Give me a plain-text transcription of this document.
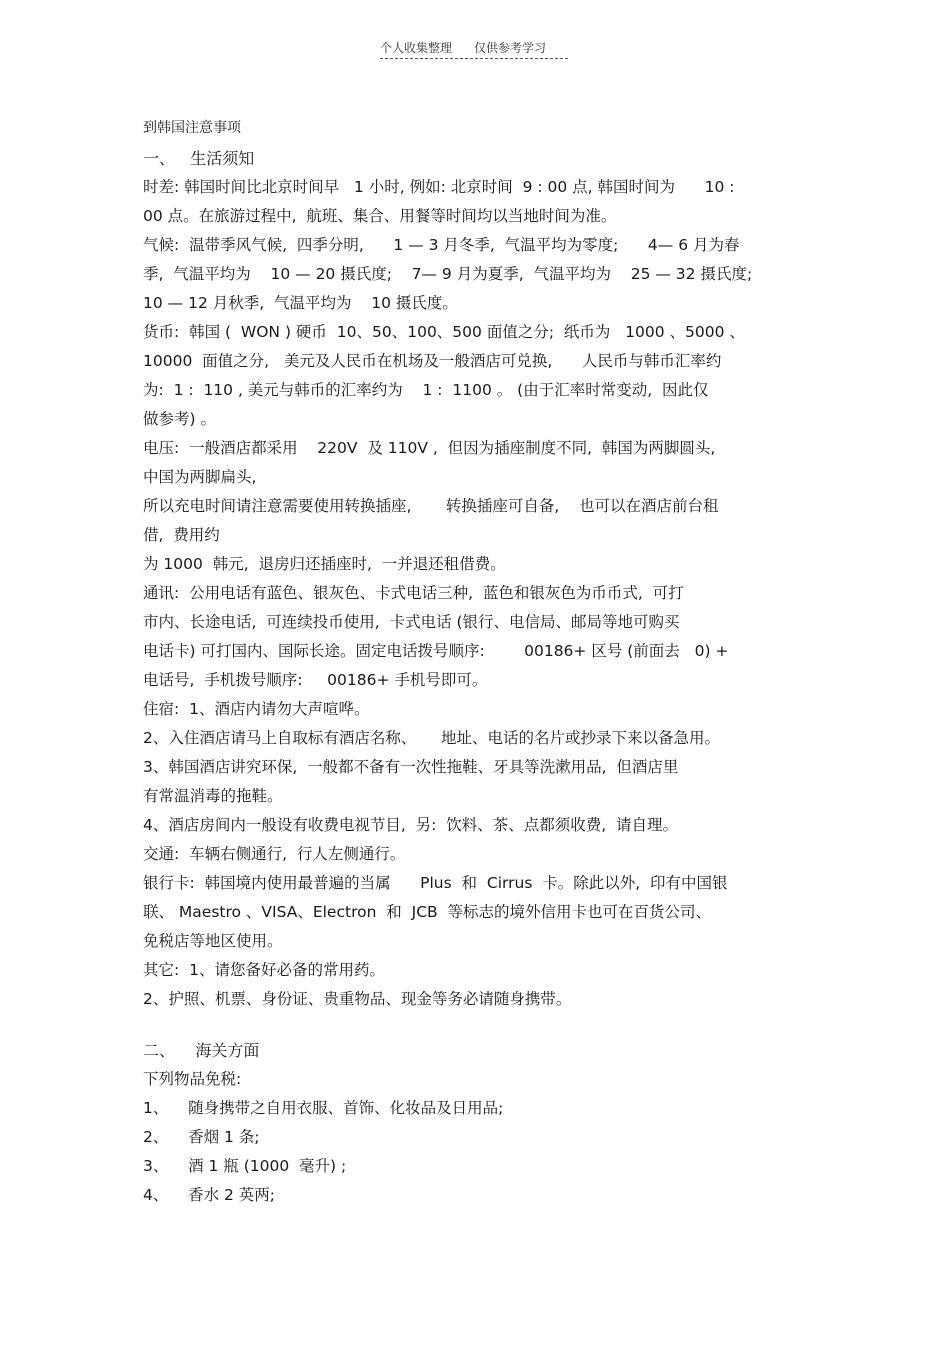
个人收集整理 仅供参考学习
到韩国注意事项
一、   生活须知
时差: 韩国时间比北京时间早   1 小时, 例如: 北京时间  9 : 00 点, 韩国时间为      10 :
00 点。在旅游过程中,  航班、集合、用餐等时间均以当地时间为准。
气候:  温带季风气候,  四季分明,      1 — 3 月冬季,  气温平均为零度;      4— 6 月为春
季,  气温平均为    10 — 20 摄氏度;    7— 9 月为夏季,  气温平均为    25 — 32 摄氏度;
10 — 12 月秋季,  气温平均为    10 摄氏度。
货币:  韩国 (  WON ) 硬币  10、50、100、500 面值之分;  纸币为   1000 、5000 、
10000  面值之分,   美元及人民币在机场及一般酒店可兑换,      人民币与韩币汇率约
为:  1 :  110 , 美元与韩币的汇率约为    1 :  1100 。 (由于汇率时常变动,  因此仅
做参考) 。
电压:  一般酒店都采用    220V  及 110V ,  但因为插座制度不同,  韩国为两脚圆头,
中国为两脚扁头,
所以充电时间请注意需要使用转换插座,       转换插座可自备,    也可以在酒店前台租
借,  费用约
为 1000  韩元,  退房归还插座时,  一并退还租借费。
通讯:  公用电话有蓝色、银灰色、卡式电话三种,  蓝色和银灰色为币币式,  可打
市内、长途电话,  可连续投币使用,  卡式电话 (银行、电信局、邮局等地可购买
电话卡) 可打国内、国际长途。固定电话拨号顺序:        00186+ 区号 (前面去   0) +
电话号,  手机拨号顺序:     00186+ 手机号即可。
住宿:  1、酒店内请勿大声喧哗。
2、入住酒店请马上自取标有酒店名称、     地址、电话的名片或抄录下来以备急用。
3、韩国酒店讲究环保,  一般都不备有一次性拖鞋、牙具等洗漱用品,  但酒店里
有常温消毒的拖鞋。
4、酒店房间内一般设有收费电视节目,  另:  饮料、茶、点都须收费,  请自理。
交通:  车辆右侧通行,  行人左侧通行。
银行卡:  韩国境内使用最普遍的当属      Plus  和  Cirrus  卡。除此以外,  印有中国银
联、 Maestro 、VISA、Electron  和  JCB  等标志的境外信用卡也可在百货公司、
免税店等地区使用。
其它:  1、请您备好必备的常用药。
2、护照、机票、身份证、贵重物品、现金等务必请随身携带。
二、    海关方面
下列物品免税:
1、    随身携带之自用衣服、首饰、化妆品及日用品;
2、    香烟 1 条;
3、    酒 1 瓶 (1000  毫升) ;
4、    香水 2 英两;
